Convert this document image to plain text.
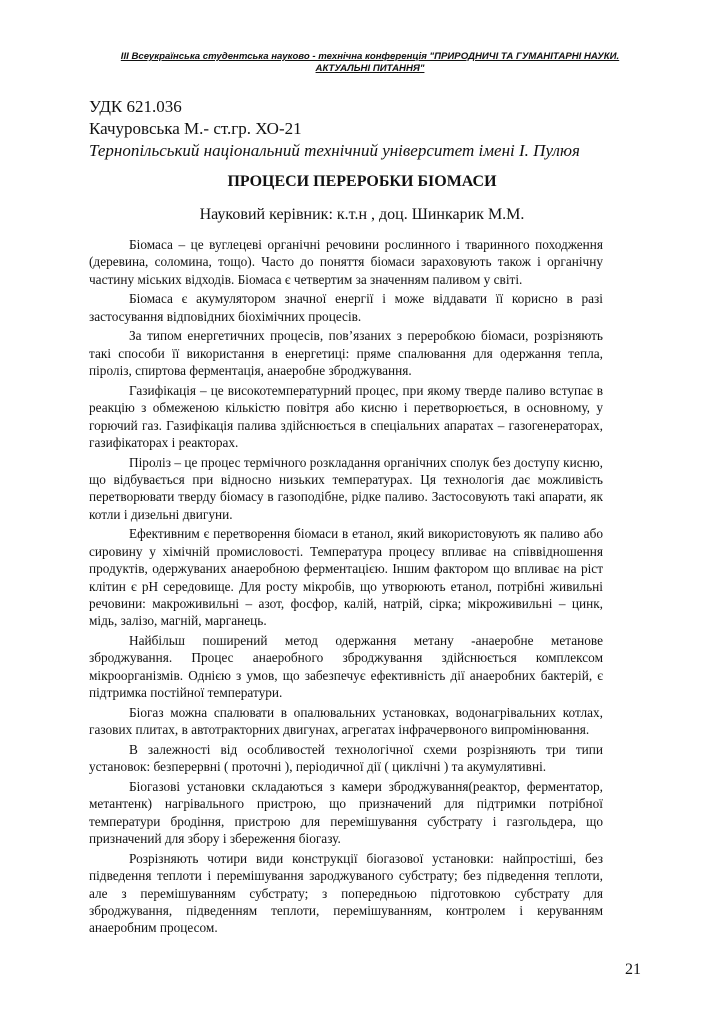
III Всеукраїнська студентська науково - технічна конференція "ПРИРОДНИЧІ ТА ГУМАНІТАРНІ НАУКИ.
АКТУАЛЬНІ ПИТАННЯ"
УДК 621.036
Качуровська М.- ст.гр. ХО-21
Тернопільський національний технічний університет імені І. Пулюя
ПРОЦЕСИ ПЕРЕРОБКИ БІОМАСИ
Науковий керівник: к.т.н , доц. Шинкарик М.М.

Біомаса – це вуглецеві органічні речовини рослинного і тваринного походження (деревина, соломина, тощо). Часто до поняття біомаси зараховують також і органічну частину міських відходів. Біомаса є четвертим за значенням паливом у світі.

Біомаса є акумулятором значної енергії і може віддавати її корисно в разі застосування відповідних біохімічних процесів.

За типом енергетичних процесів, пов’язаних з переробкою біомаси, розрізняють такі способи її використання в енергетиці: пряме спалювання для одержання тепла, піроліз, спиртова ферментація, анаеробне зброджування.

Газифікація – це високотемпературний процес, при якому тверде паливо вступає в реакцію з обмеженою кількістю повітря або кисню і перетворюється, в основному, у горючий газ. Газифікація палива здійснюється в спеціальних апаратах – газогенераторах, газифікаторах і реакторах.

Піроліз – це процес термічного розкладання органічних сполук без доступу кисню, що відбувається при відносно низьких температурах. Ця технологія дає можливість перетворювати тверду біомасу в газоподібне, рідке паливо. Застосовують такі апарати, як котли і дизельні двигуни.

Ефективним є перетворення біомаси в етанол, який використовують як паливо або сировину у хімічній промисловості. Температура процесу впливає на співвідношення продуктів, одержуваних анаеробною ферментацією. Іншим фактором що впливає на ріст клітин є pH середовище. Для росту мікробів, що утворюють етанол, потрібні живильні речовини: макроживильні – азот, фосфор, калій, натрій, сірка; мікроживильні – цинк, мідь, залізо, магній, марганець.

Найбільш поширений метод одержання метану -анаеробне метанове зброджування. Процес анаеробного зброджування здійснюється комплексом мікроорганізмів. Однією з умов, що забезпечує ефективність дії анаеробних бактерій, є підтримка постійної температури.

Біогаз можна спалювати в опалювальних установках, водонагрівальних котлах, газових плитах, в автотракторних двигунах, агрегатах інфрачервоного випромінювання.

В залежності від особливостей технологічної схеми розрізняють три типи установок: безперервні ( проточні ), періодичної дії ( циклічні ) та акумулятивні.

Біогазові установки складаються з камери зброджування(реактор, ферментатор, метантенк) нагрівального пристрою, що призначений для підтримки потрібної температури бродіння, пристрою для перемішування субстрату і газгольдера, що призначений для збору і збереження біогазу.

Розрізняють чотири види конструкції біогазової установки: найпростіші, без підведення теплоти і перемішування зароджуваного субстрату; без підведення теплоти, але з перемішуванням субстрату; з попередньою підготовкою субстрату для зброджування, підведенням теплоти, перемішуванням, контролем і керуванням анаеробним процесом.

21
